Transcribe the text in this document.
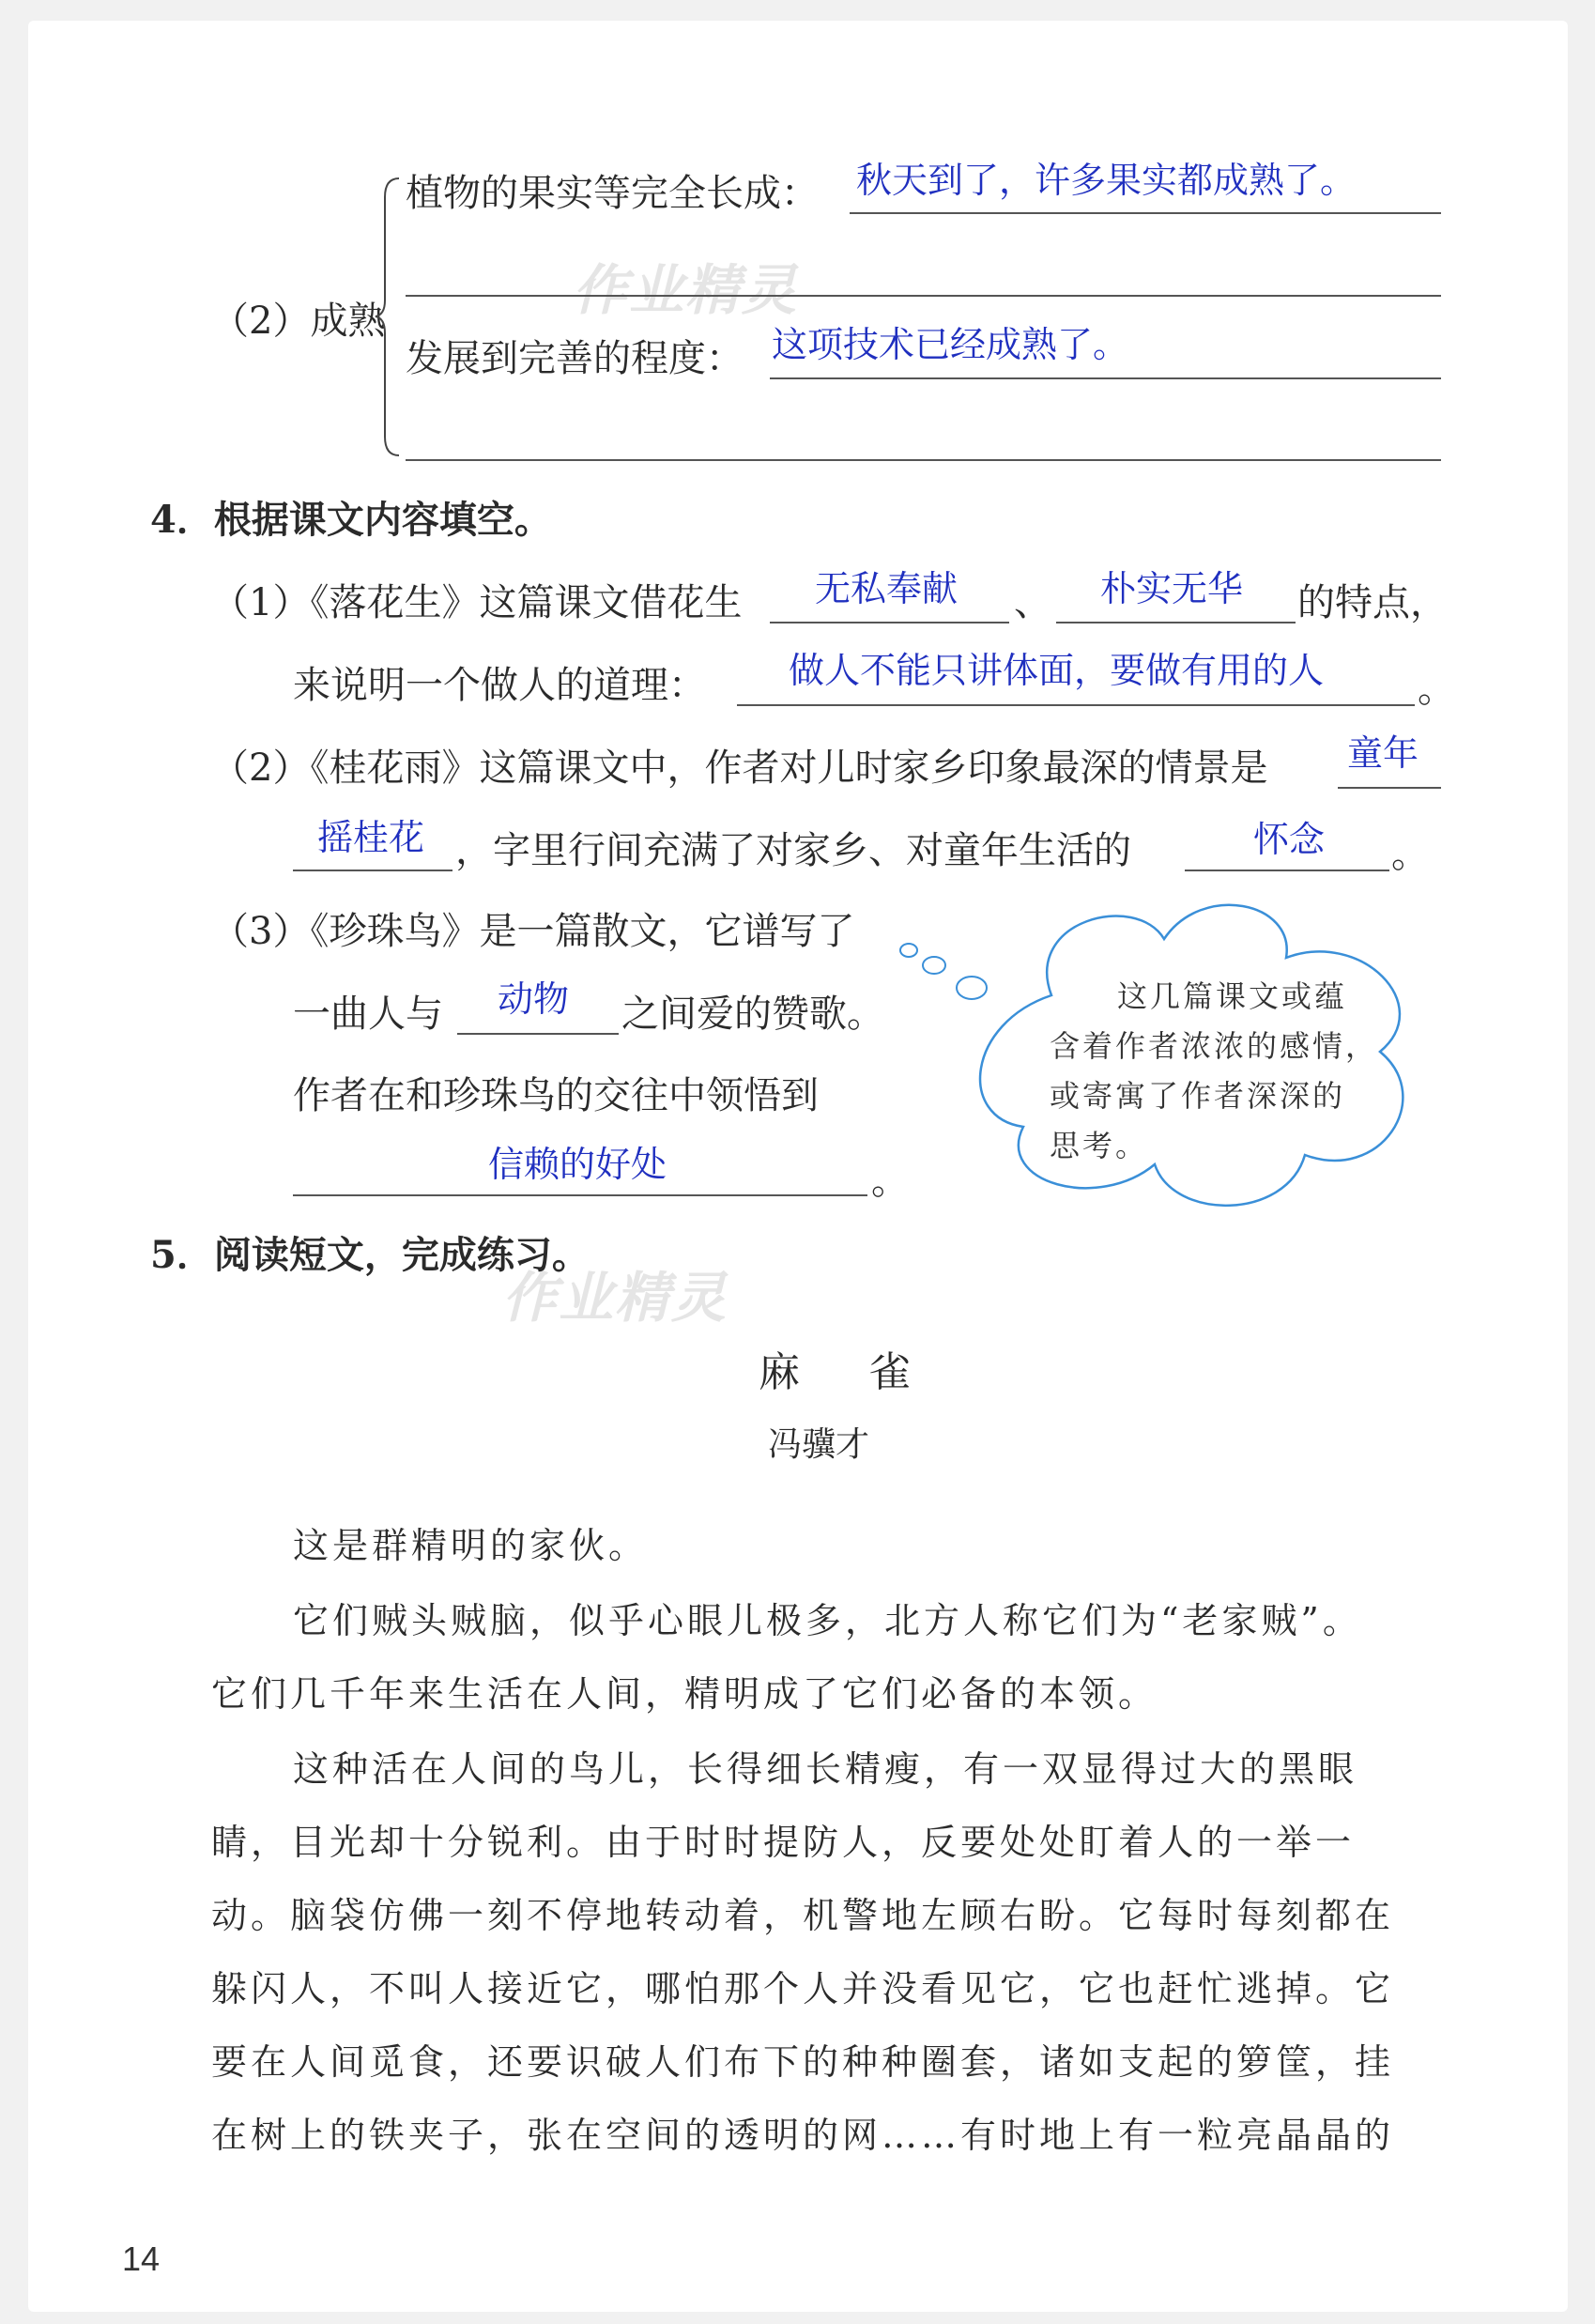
作业精灵
作业精灵
（2）成熟
植物的果实等完全长成： 秋天到了，许多果实都成熟了。
发展到完善的程度： 这项技术已经成熟了。
4．根据课文内容填空。
（1）《落花生》这篇课文借花生 无私奉献 、 朴实无华 的特点，
来说明一个做人的道理： 做人不能只讲体面，要做有用的人 。
（2）《桂花雨》这篇课文中，作者对儿时家乡印象最深的情景是 童年
摇桂花 ，字里行间充满了对家乡、对童年生活的	怀念 。
（3）《珍珠鸟》是一篇散文，它谱写了
一曲人与 动物 之间爱的赞歌。
作者在和珍珠鸟的交往中领悟到
信赖的好处	。
这几篇课文或蕴
含着作者浓浓的感情，
或寄寓了作者深深的
思考。
5．阅读短文，完成练习。
麻 雀
冯骥才
这是群精明的家伙。
它们贼头贼脑，似乎心眼儿极多，北方人称它们为“老家贼”。
它们几千年来生活在人间，精明成了它们必备的本领。
这种活在人间的鸟儿，长得细长精瘦，有一双显得过大的黑眼
睛，目光却十分锐利。由于时时提防人，反要处处盯着人的一举一
动。脑袋仿佛一刻不停地转动着，机警地左顾右盼。它每时每刻都在
躲闪人，不叫人接近它，哪怕那个人并没看见它，它也赶忙逃掉。它
要在人间觅食，还要识破人们布下的种种圈套，诸如支起的箩筐，挂
在树上的铁夹子，张在空间的透明的网……有时地上有一粒亮晶晶的
14
